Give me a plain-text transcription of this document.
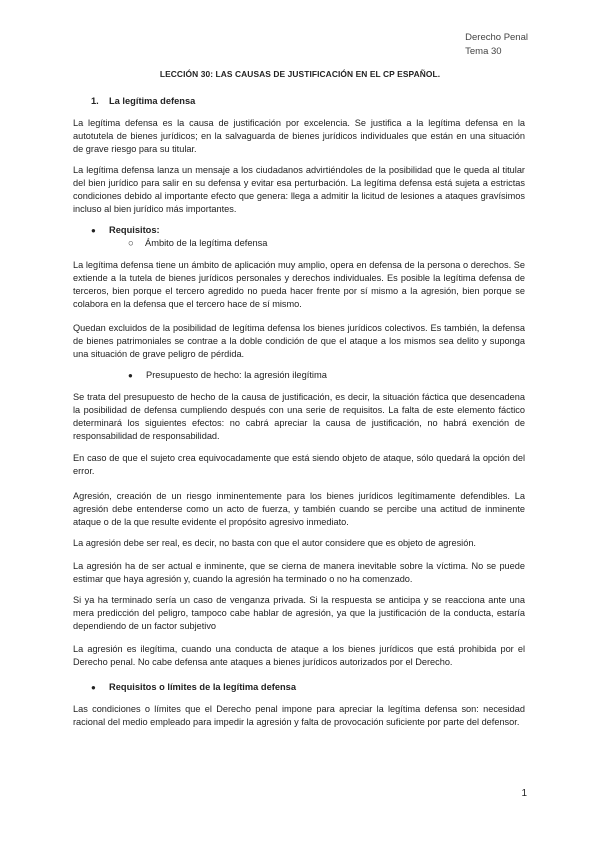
Derecho Penal
Tema 30
LECCIÓN 30: LAS CAUSAS DE JUSTIFICACIÓN EN EL CP ESPAÑOL.
1. La legítima defensa
La legítima defensa es la causa de justificación por excelencia. Se justifica a la legítima defensa en la autotutela de bienes jurídicos; en la salvaguarda de bienes jurídicos individuales que están en una situación de grave riesgo para su titular.
La legítima defensa lanza un mensaje a los ciudadanos advirtiéndoles de la posibilidad que le queda al titular del bien jurídico para salir en su defensa y evitar esa perturbación. La legítima defensa está sujeta a estrictas condiciones debido al importante efecto que genera: llega a admitir la licitud de lesiones a ataques gravísimos incluso al bien jurídico más importantes.
● Requisitos:
○ Ámbito de la legítima defensa
La legítima defensa tiene un ámbito de aplicación muy amplio, opera en defensa de la persona o derechos. Se extiende a la tutela de bienes jurídicos personales y derechos individuales. Es posible la legítima defensa de terceros, bien porque el tercero agredido no pueda hacer frente por sí mismo a la agresión, bien porque se colabora en la defensa que el tercero hace de sí mismo.
Quedan excluidos de la posibilidad de legítima defensa los bienes jurídicos colectivos. Es también, la defensa de bienes patrimoniales se contrae a la doble condición de que el ataque a los mismos sea delito y suponga una situación de grave peligro de pérdida.
● Presupuesto de hecho: la agresión ilegítima
Se trata del presupuesto de hecho de la causa de justificación, es decir, la situación fáctica que desencadena la posibilidad de defensa cumpliendo después con una serie de requisitos. La falta de este elemento fáctico determinará los siguientes efectos: no cabrá apreciar la causa de justificación, no habrá exención de responsabilidad de responsabilidad.
En caso de que el sujeto crea equivocadamente que está siendo objeto de ataque, sólo quedará la opción del error.
Agresión, creación de un riesgo inminentemente para los bienes jurídicos legítimamente defendibles. La agresión debe entenderse como un acto de fuerza, y también cuando se percibe una actitud de inminente ataque o de la que resulte evidente el propósito agresivo inmediato.
La agresión debe ser real, es decir, no basta con que el autor considere que es objeto de agresión.
La agresión ha de ser actual e inminente, que se cierna de manera inevitable sobre la víctima. No se puede estimar que haya agresión y, cuando la agresión ha terminado o no ha comenzado.
Si ya ha terminado sería un caso de venganza privada. Si la respuesta se anticipa y se reacciona ante una mera predicción del peligro, tampoco cabe hablar de agresión, ya que la justificación de la conducta, estaría dependiendo de un factor subjetivo
La agresión es ilegítima, cuando una conducta de ataque a los bienes jurídicos que está prohibida por el Derecho penal. No cabe defensa ante ataques a bienes jurídicos autorizados por el Derecho.
● Requisitos o límites de la legítima defensa
Las condiciones o límites que el Derecho penal impone para apreciar la legítima defensa son: necesidad racional del medio empleado para impedir la agresión y falta de provocación suficiente por parte del defensor.
1
